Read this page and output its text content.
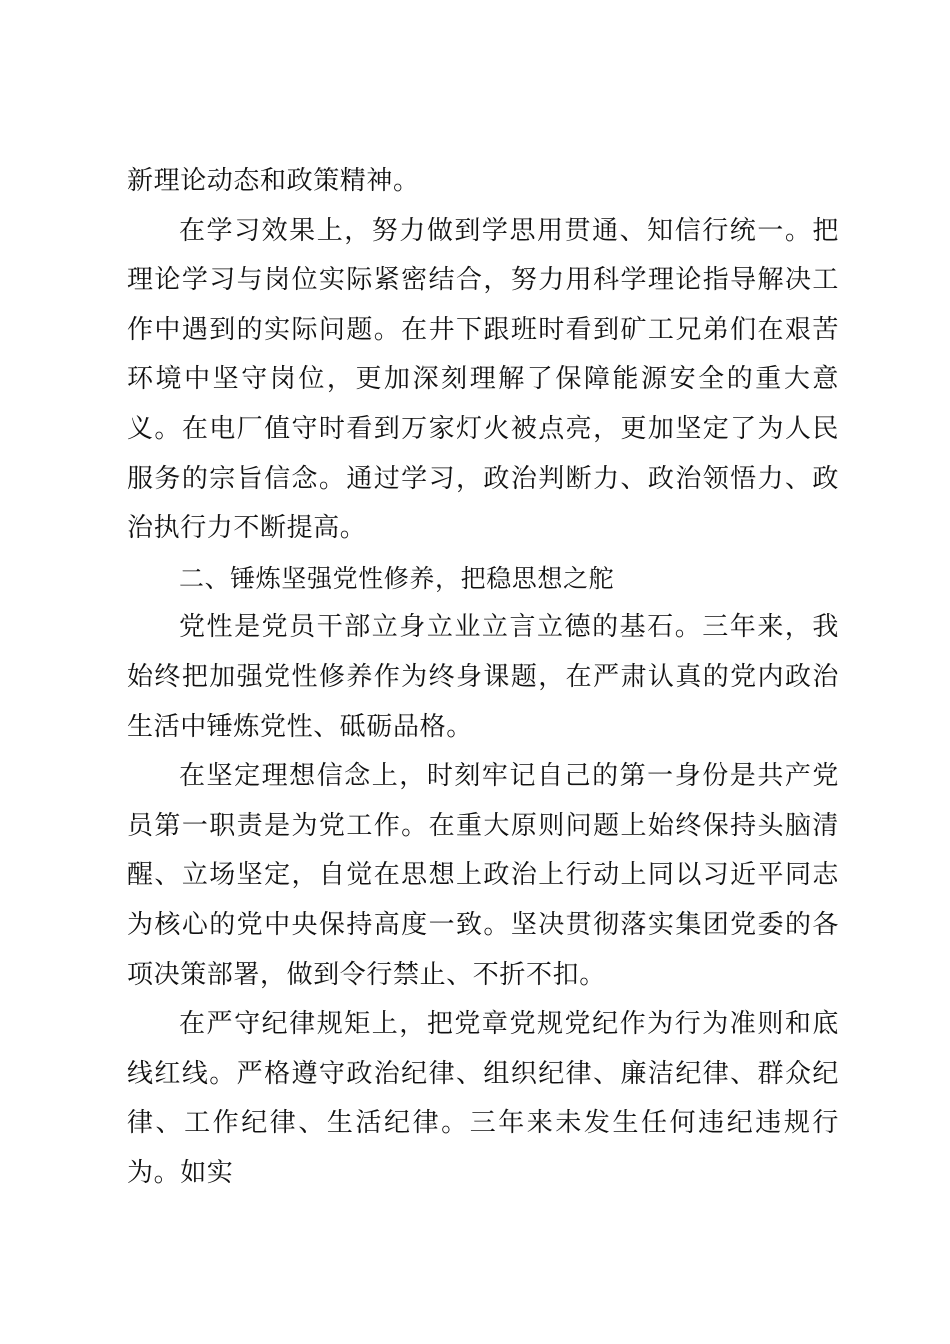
新理论动态和政策精神。

在学习效果上，努力做到学思用贯通、知信行统一。把理论学习与岗位实际紧密结合，努力用科学理论指导解决工作中遇到的实际问题。在井下跟班时看到矿工兄弟们在艰苦环境中坚守岗位，更加深刻理解了保障能源安全的重大意义。在电厂值守时看到万家灯火被点亮，更加坚定了为人民服务的宗旨信念。通过学习，政治判断力、政治领悟力、政治执行力不断提高。

二、锤炼坚强党性修养，把稳思想之舵

党性是党员干部立身立业立言立德的基石。三年来，我始终把加强党性修养作为终身课题，在严肃认真的党内政治生活中锤炼党性、砥砺品格。

在坚定理想信念上，时刻牢记自己的第一身份是共产党员第一职责是为党工作。在重大原则问题上始终保持头脑清醒、立场坚定，自觉在思想上政治上行动上同以习近平同志为核心的党中央保持高度一致。坚决贯彻落实集团党委的各项决策部署，做到令行禁止、不折不扣。

在严守纪律规矩上，把党章党规党纪作为行为准则和底线红线。严格遵守政治纪律、组织纪律、廉洁纪律、群众纪律、工作纪律、生活纪律。三年来未发生任何违纪违规行为。如实
